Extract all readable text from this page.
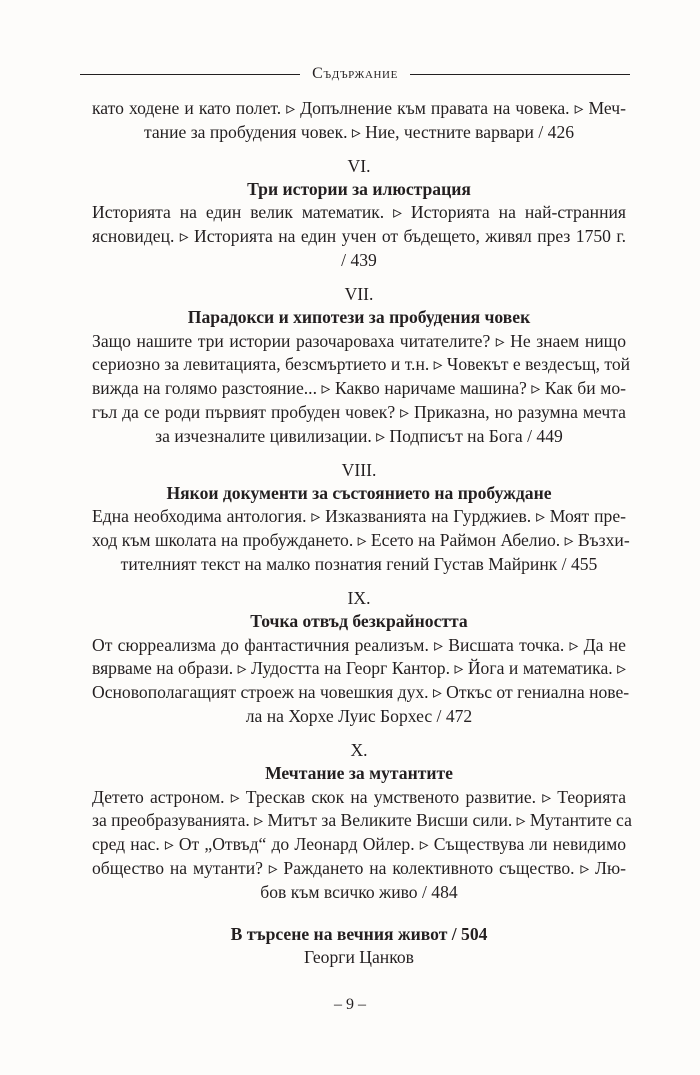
Съдържание
като ходене и като полет. ▹ Допълнение към правата на човека. ▹ Меч-
тание за пробудения човек. ▹ Ние, честните варвари / 426
VI.
Три истории за илюстрация
Историята на един велик математик. ▹ Историята на най-странния
ясновидец. ▹ Историята на един учен от бъдещето, живял през 1750 г.
/ 439
VII.
Парадокси и хипотези за пробудения човек
Защо нашите три истории разочароваха читателите? ▹ Не знаем нищо
сериозно за левитацията, безсмъртието и т.н. ▹ Човекът е вездесъщ, той
вижда на голямо разстояние... ▹ Какво наричаме машина? ▹ Как би мо-
гъл да се роди първият пробуден човек? ▹ Приказна, но разумна мечта
за изчезналите цивилизации. ▹ Подписът на Бога / 449
VIII.
Някои документи за състоянието на пробуждане
Една необходима антология. ▹ Изказванията на Гурджиев. ▹ Моят пре-
ход към школата на пробуждането. ▹ Есето на Раймон Абелио. ▹ Възхи-
тителният текст на малко познатия гений Густав Майринк / 455
IX.
Точка отвъд безкрайността
От сюрреализма до фантастичния реализъм. ▹ Висшата точка. ▹ Да не
вярваме на образи. ▹ Лудостта на Георг Кантор. ▹ Йога и математика. ▹
Основополагащият строеж на човешкия дух. ▹ Откъс от гениална нове-
ла на Хорхе Луис Борхес / 472
X.
Мечтание за мутантите
Детето астроном. ▹ Трескав скок на умственото развитие. ▹ Теорията
за преобразуванията. ▹ Митът за Великите Висши сили. ▹ Мутантите са
сред нас. ▹ От „Отвъд“ до Леонард Ойлер. ▹ Съществува ли невидимо
общество на мутанти? ▹ Раждането на колективното същество. ▹ Лю-
бов към всичко живо / 484
В търсене на вечния живот / 504
Георги Цанков
– 9 –
